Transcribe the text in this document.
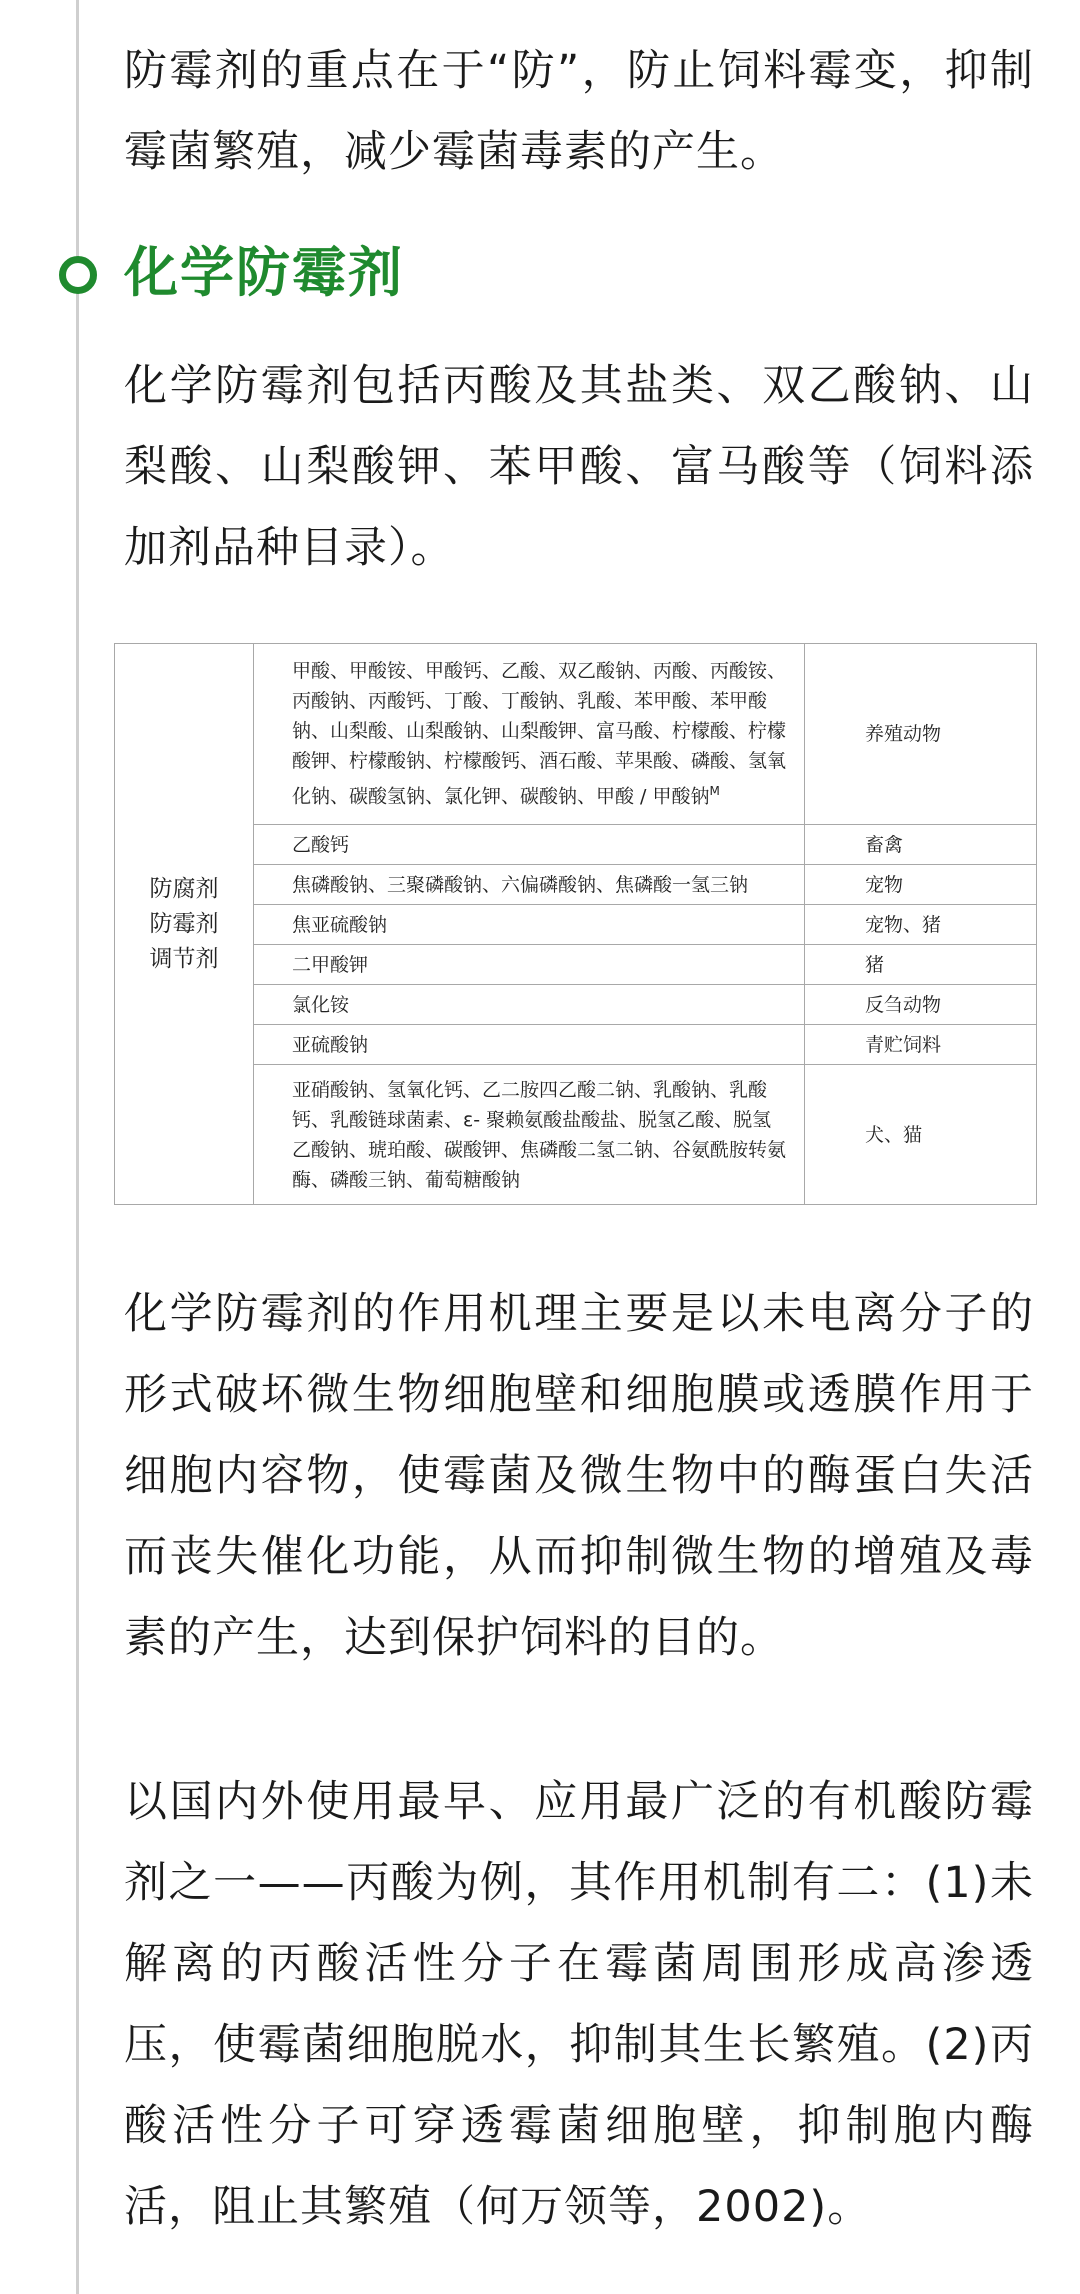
防霉剂的重点在于“防”，防止饲料霉变，抑制霉菌繁殖，减少霉菌毒素的产生。

化学防霉剂

化学防霉剂包括丙酸及其盐类、双乙酸钠、山梨酸、山梨酸钾、苯甲酸、富马酸等（饲料添加剂品种目录）。

防腐剂
防霉剂
调节剂	甲酸、甲酸铵、甲酸钙、乙酸、双乙酸钠、丙酸、丙酸铵、丙酸钠、丙酸钙、丁酸、丁酸钠、乳酸、苯甲酸、苯甲酸钠、山梨酸、山梨酸钠、山梨酸钾、富马酸、柠檬酸、柠檬酸钾、柠檬酸钠、柠檬酸钙、酒石酸、苹果酸、磷酸、氢氧化钠、碳酸氢钠、氯化钾、碳酸钠、甲酸 / 甲酸钠$^M$	养殖动物
	乙酸钙	畜禽
	焦磷酸钠、三聚磷酸钠、六偏磷酸钠、焦磷酸一氢三钠	宠物
	焦亚硫酸钠	宠物、猪
	二甲酸钾	猪
	氯化铵	反刍动物
	亚硫酸钠	青贮饲料
	亚硝酸钠、氢氧化钙、乙二胺四乙酸二钠、乳酸钠、乳酸钙、乳酸链球菌素、ε- 聚赖氨酸盐酸盐、脱氢乙酸、脱氢乙酸钠、琥珀酸、碳酸钾、焦磷酸二氢二钠、谷氨酰胺转氨酶、磷酸三钠、葡萄糖酸钠	犬、猫

化学防霉剂的作用机理主要是以未电离分子的形式破坏微生物细胞壁和细胞膜或透膜作用于细胞内容物，使霉菌及微生物中的酶蛋白失活而丧失催化功能，从而抑制微生物的增殖及毒素的产生，达到保护饲料的目的。

以国内外使用最早、应用最广泛的有机酸防霉剂之一——丙酸为例，其作用机制有二：(1)未解离的丙酸活性分子在霉菌周围形成高渗透压，使霉菌细胞脱水，抑制其生长繁殖。(2)丙酸活性分子可穿透霉菌细胞壁，抑制胞内酶活，阻止其繁殖（何万领等，2002)。
